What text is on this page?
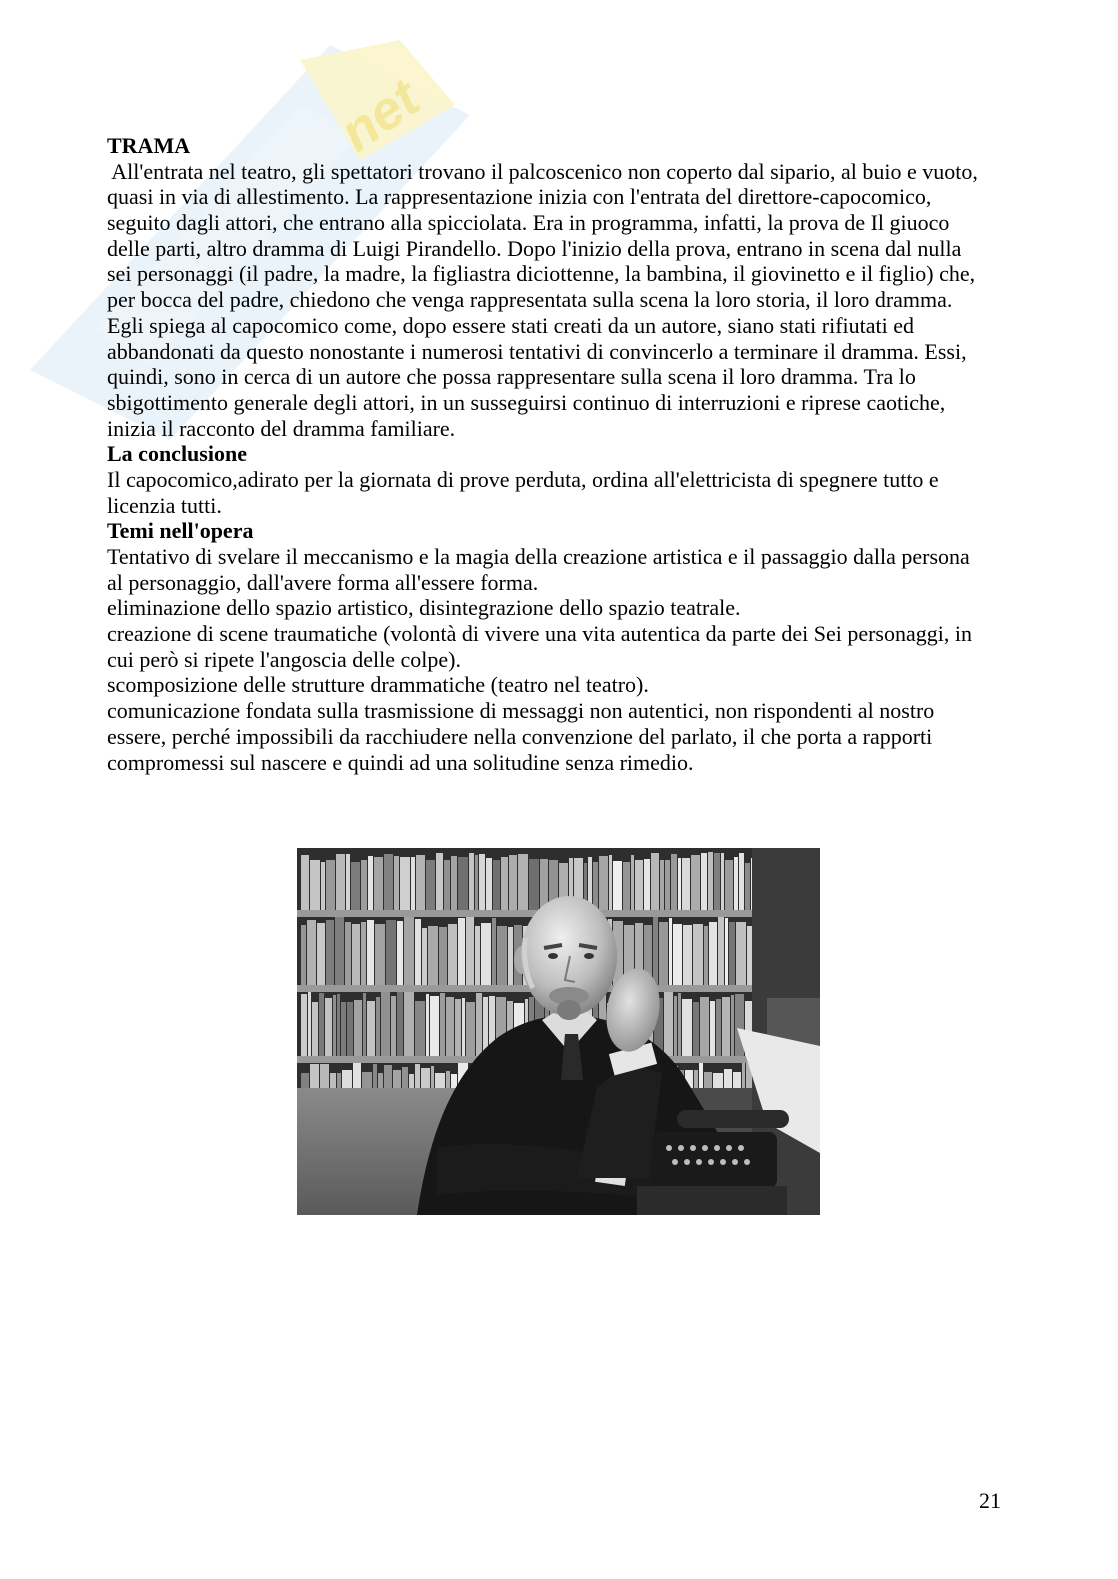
net
TRAMA
All'entrata nel teatro, gli spettatori trovano il palcoscenico non coperto dal sipario, al buio e vuoto,
quasi in via di allestimento. La rappresentazione inizia con l'entrata del direttore-capocomico,
seguito dagli attori, che entrano alla spicciolata. Era in programma, infatti, la prova de Il giuoco
delle parti, altro dramma di Luigi Pirandello. Dopo l'inizio della prova, entrano in scena dal nulla
sei personaggi (il padre, la madre, la figliastra diciottenne, la bambina, il giovinetto e il figlio) che,
per bocca del padre, chiedono che venga rappresentata sulla scena la loro storia, il loro dramma.
Egli spiega al capocomico come, dopo essere stati creati da un autore, siano stati rifiutati ed
abbandonati da questo nonostante i numerosi tentativi di convincerlo a terminare il dramma. Essi,
quindi, sono in cerca di un autore che possa rappresentare sulla scena il loro dramma. Tra lo
sbigottimento generale degli attori, in un susseguirsi continuo di interruzioni e riprese caotiche,
inizia il racconto del dramma familiare.
La conclusione
Il capocomico,adirato per la giornata di prove perduta, ordina all'elettricista di spegnere tutto e
licenzia tutti.
Temi nell'opera
Tentativo di svelare il meccanismo e la magia della creazione artistica e il passaggio dalla persona
al personaggio, dall'avere forma all'essere forma.
eliminazione dello spazio artistico, disintegrazione dello spazio teatrale.
creazione di scene traumatiche (volontà di vivere una vita autentica da parte dei Sei personaggi, in
cui però si ripete l'angoscia delle colpe).
scomposizione delle strutture drammatiche (teatro nel teatro).
comunicazione fondata sulla trasmissione di messaggi non autentici, non rispondenti al nostro
essere, perché impossibili da racchiudere nella convenzione del parlato, il che porta a rapporti
compromessi sul nascere e quindi ad una solitudine senza rimedio.
21
